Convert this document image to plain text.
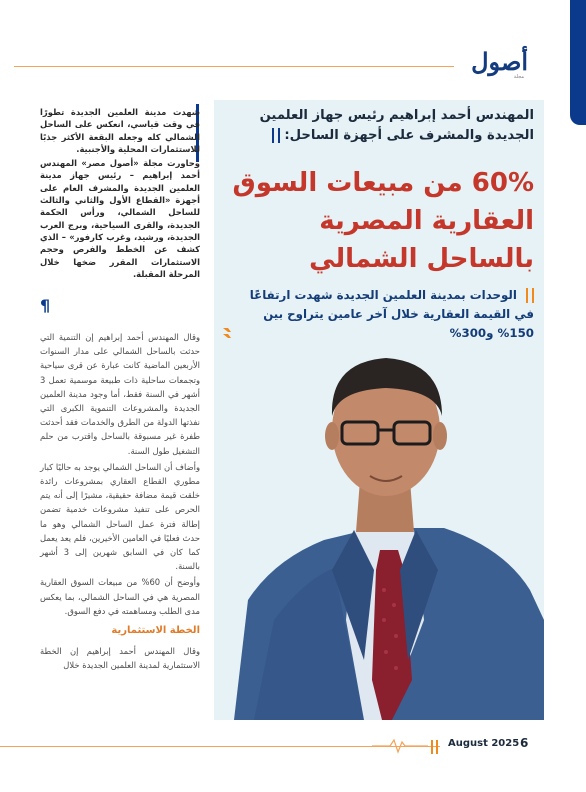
أصول
مجلة
المهندس أحمد إبراهيم رئيس جهاز العلمين الجديدة والمشرف على أجهزة الساحل:
60% من مبيعات السوق العقارية المصرية بالساحل الشمالي
الوحدات بمدينة العلمين الجديدة شهدت ارتفاعًا في القيمة العقارية خلال آخر عامين يتراوح بين 150% و300%

شهدت مدينة العلمين الجديدة تطورًا في وقت قياسي، انعكس على الساحل الشمالي كله وجعله البقعة الأكثر جذبًا للاستثمارات المحلية والأجنبية.

وحاورت مجلة «أصول مصر» المهندس أحمد إبراهيم – رئيس جهاز مدينة العلمين الجديدة والمشرف العام على أجهزة «القطاع الأول والثاني والثالث للساحل الشمالي، ورأس الحكمة الجديدة، والقرى السياحية، وبرج العرب الجديدة، ورشيد، وغرب كارفور» – الذي كشف عن الخطط والفرص وحجم الاستثمارات المقرر ضخها خلال المرحلة المقبلة.

¶

وقال المهندس أحمد إبراهيم إن التنمية التي حدثت بالساحل الشمالي على مدار السنوات الأربعين الماضية كانت عبارة عن قرى سياحية وتجمعات ساحلية ذات طبيعة موسمية تعمل 3 أشهر في السنة فقط، أما وجود مدينة العلمين الجديدة والمشروعات التنموية الكبرى التي نفذتها الدولة من الطرق والخدمات فقد أحدثت طفرة غير مسبوقة بالساحل واقترب من حلم التشغيل طول السنة.

وأضاف أن الساحل الشمالي يوجد به حاليًا كبار مطوري القطاع العقاري بمشروعات رائدة خلقت قيمة مضافة حقيقية، مشيرًا إلى أنه يتم الحرص على تنفيذ مشروعات خدمية تضمن إطالة فترة عمل الساحل الشمالي وهو ما حدث فعليًا في العامين الأخيرين، فلم يعد يعمل كما كان في السابق شهرين إلى 3 أشهر بالسنة.

وأوضح أن 60% من مبيعات السوق العقارية المصرية هي في الساحل الشمالي، بما يعكس مدى الطلب ومساهمته في دفع السوق.

الخطة الاستثمارية

وقال المهندس أحمد إبراهيم إن الخطة الاستثمارية لمدينة العلمين الجديدة خلال

August 2025 6
